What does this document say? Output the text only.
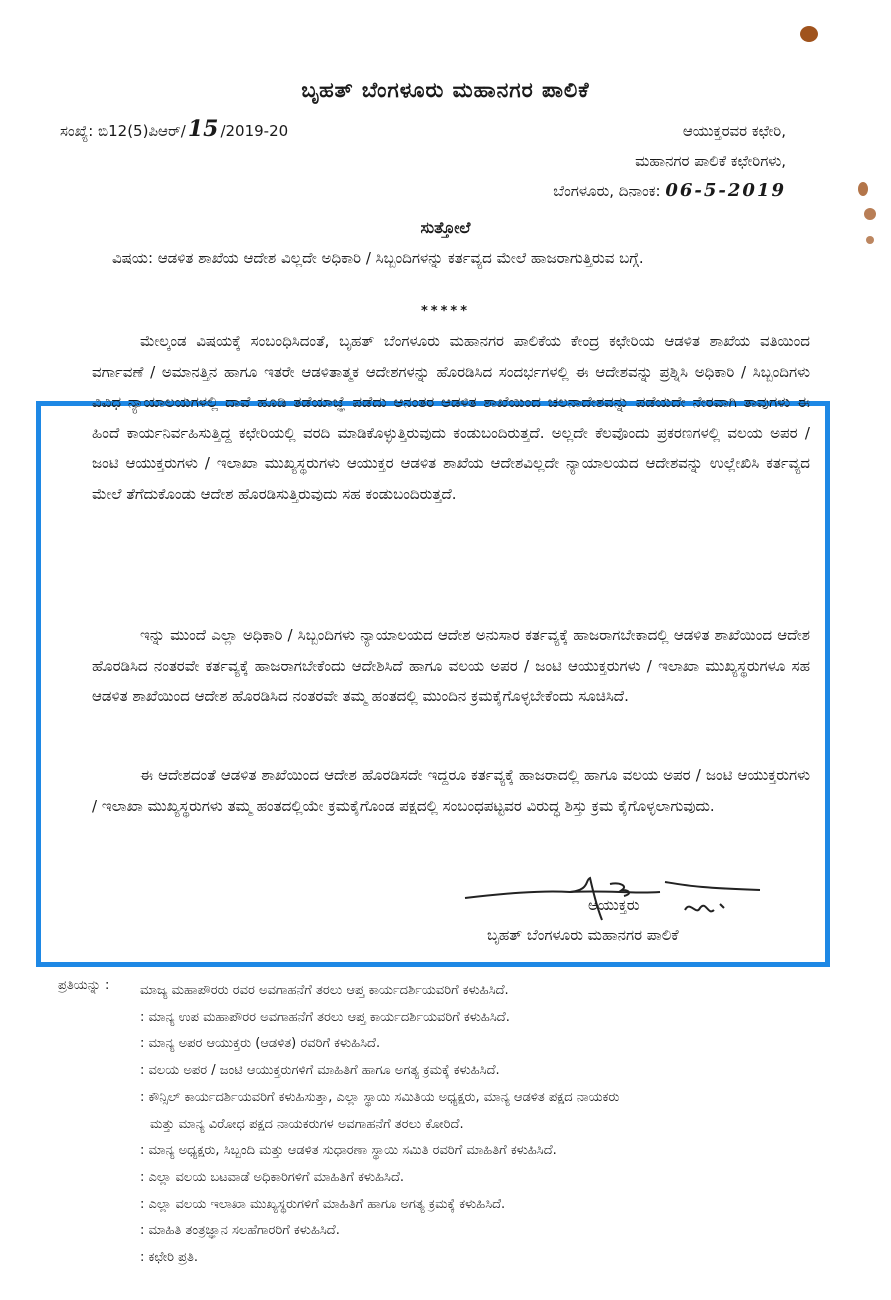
ಬೃಹತ್ ಬೆಂಗಳೂರು ಮಹಾನಗರ ಪಾಲಿಕೆ
ಸಂಖ್ಯೆ: ಬಿ12(5)ಪಿಆರ್/15 /2019-20	ಆಯುಕ್ತರವರ ಕಛೇರಿ,
ಮಹಾನಗರ ಪಾಲಿಕೆ ಕಛೇರಿಗಳು,
ಬೆಂಗಳೂರು, ದಿನಾಂಕ: 06-5-2019
ಸುತ್ತೋಲೆ
ವಿಷಯ: ಆಡಳಿತ ಶಾಖೆಯ ಆದೇಶ ವಿಲ್ಲದೇ ಅಧಿಕಾರಿ / ಸಿಬ್ಬಂದಿಗಳನ್ನು ಕರ್ತವ್ಯದ ಮೇಲೆ ಹಾಜರಾಗುತ್ತಿರುವ ಬಗ್ಗೆ.
*****
ಮೇಲ್ಕಂಡ ವಿಷಯಕ್ಕೆ ಸಂಬಂಧಿಸಿದಂತೆ, ಬೃಹತ್ ಬೆಂಗಳೂರು ಮಹಾನಗರ ಪಾಲಿಕೆಯ ಕೇಂದ್ರ ಕಛೇರಿಯ ಆಡಳಿತ ಶಾಖೆಯ ವತಿಯಿಂದ ವರ್ಗಾವಣೆ / ಅಮಾನತ್ತಿನ ಹಾಗೂ ಇತರೇ ಆಡಳಿತಾತ್ಮಕ ಆದೇಶಗಳನ್ನು ಹೊರಡಿಸಿದ ಸಂದರ್ಭಗಳಲ್ಲಿ ಈ ಆದೇಶವನ್ನು ಪ್ರಶ್ನಿಸಿ ಅಧಿಕಾರಿ / ಸಿಬ್ಬಂದಿಗಳು ವಿವಿಧ ನ್ಯಾಯಾಲಯಗಳಲ್ಲಿ ದಾವೆ ಹೂಡಿ ತಡೆಯಾಜ್ಞೆ ಪಡೆದು ಆನಂತರ ಆಡಳಿತ ಶಾಖೆಯಿಂದ ಚಲನಾದೇಶವನ್ನು ಪಡೆಯದೇ ನೇರವಾಗಿ ತಾವುಗಳು ಈ ಹಿಂದೆ ಕಾರ್ಯನಿರ್ವಹಿಸುತ್ತಿದ್ದ ಕಛೇರಿಯಲ್ಲಿ ವರದಿ ಮಾಡಿಕೊಳ್ಳುತ್ತಿರುವುದು ಕಂಡುಬಂದಿರುತ್ತದೆ. ಅಲ್ಲದೇ ಕೆಲವೊಂದು ಪ್ರಕರಣಗಳಲ್ಲಿ ವಲಯ ಅಪರ / ಜಂಟಿ ಆಯುಕ್ತರುಗಳು / ಇಲಾಖಾ ಮುಖ್ಯಸ್ಥರುಗಳು ಆಯುಕ್ತರ ಆಡಳಿತ ಶಾಖೆಯ ಆದೇಶವಿಲ್ಲದೇ ನ್ಯಾಯಾಲಯದ ಆದೇಶವನ್ನು ಉಲ್ಲೇಖಿಸಿ ಕರ್ತವ್ಯದ ಮೇಲೆ ತೆಗೆದುಕೊಂಡು ಆದೇಶ ಹೊರಡಿಸುತ್ತಿರುವುದು ಸಹ ಕಂಡುಬಂದಿರುತ್ತದೆ.
ಇನ್ನು ಮುಂದೆ ಎಲ್ಲಾ ಅಧಿಕಾರಿ / ಸಿಬ್ಬಂದಿಗಳು ನ್ಯಾಯಾಲಯದ ಆದೇಶ ಅನುಸಾರ ಕರ್ತವ್ಯಕ್ಕೆ ಹಾಜರಾಗಬೇಕಾದಲ್ಲಿ ಆಡಳಿತ ಶಾಖೆಯಿಂದ ಆದೇಶ ಹೊರಡಿಸಿದ ನಂತರವೇ ಕರ್ತವ್ಯಕ್ಕೆ ಹಾಜರಾಗಬೇಕೆಂದು ಆದೇಶಿಸಿದೆ ಹಾಗೂ ವಲಯ ಅಪರ / ಜಂಟಿ ಆಯುಕ್ತರುಗಳು / ಇಲಾಖಾ ಮುಖ್ಯಸ್ಥರುಗಳೂ ಸಹ ಆಡಳಿತ ಶಾಖೆಯಿಂದ ಆದೇಶ ಹೊರಡಿಸಿದ ನಂತರವೇ ತಮ್ಮ ಹಂತದಲ್ಲಿ ಮುಂದಿನ ಕ್ರಮಕೈಗೊಳ್ಳಬೇಕೆಂದು ಸೂಚಿಸಿದೆ.
ಈ ಆದೇಶದಂತೆ ಆಡಳಿತ ಶಾಖೆಯಿಂದ ಆದೇಶ ಹೊರಡಿಸದೇ ಇದ್ದರೂ ಕರ್ತವ್ಯಕ್ಕೆ ಹಾಜರಾದಲ್ಲಿ ಹಾಗೂ ವಲಯ ಅಪರ / ಜಂಟಿ ಆಯುಕ್ತರುಗಳು / ಇಲಾಖಾ ಮುಖ್ಯಸ್ಥರುಗಳು ತಮ್ಮ ಹಂತದಲ್ಲಿಯೇ ಕ್ರಮಕೈಗೊಂಡ ಪಕ್ಷದಲ್ಲಿ ಸಂಬಂಧಪಟ್ಟವರ ವಿರುದ್ಧ ಶಿಸ್ತು ಕ್ರಮ ಕೈಗೊಳ್ಳಲಾಗುವುದು.
ಆಯುಕ್ತರು
ಬೃಹತ್ ಬೆಂಗಳೂರು ಮಹಾನಗರ ಪಾಲಿಕೆ
ಪ್ರತಿಯನ್ನು : ಮಾಜ್ಯ ಮಹಾಪೌರರು ರವರ ಅವಗಾಹನೆಗೆ ತರಲು ಆಪ್ತ ಕಾರ್ಯದರ್ಶಿಯವರಿಗೆ ಕಳುಹಿಸಿದೆ.
: ಮಾನ್ಯ ಉಪ ಮಹಾಪೌರರ ಅವಗಾಹನೆಗೆ ತರಲು ಆಪ್ತ ಕಾರ್ಯದರ್ಶಿಯವರಿಗೆ ಕಳುಹಿಸಿದೆ.
: ಮಾನ್ಯ ಅಪರ ಆಯುಕ್ತರು (ಆಡಳಿತ) ರವರಿಗೆ ಕಳುಹಿಸಿದೆ.
: ವಲಯ ಅಪರ / ಜಂಟಿ ಆಯುಕ್ತರುಗಳಿಗೆ ಮಾಹಿತಿಗೆ ಹಾಗೂ ಅಗತ್ಯ ಕ್ರಮಕ್ಕೆ ಕಳುಹಿಸಿದೆ.
: ಕೌನ್ಸಿಲ್ ಕಾರ್ಯದರ್ಶಿಯವರಿಗೆ ಕಳುಹಿಸುತ್ತಾ, ಎಲ್ಲಾ ಸ್ಥಾಯಿ ಸಮಿತಿಯ ಅಧ್ಯಕ್ಷರು, ಮಾನ್ಯ ಆಡಳಿತ ಪಕ್ಷದ ನಾಯಕರು
ಮತ್ತು ಮಾನ್ಯ ವಿರೋಧ ಪಕ್ಷದ ನಾಯಕರುಗಳ ಅವಗಾಹನೆಗೆ ತರಲು ಕೋರಿದೆ.
: ಮಾನ್ಯ ಅಧ್ಯಕ್ಷರು, ಸಿಬ್ಬಂದಿ ಮತ್ತು ಆಡಳಿತ ಸುಧಾರಣಾ ಸ್ಥಾಯಿ ಸಮಿತಿ ರವರಿಗೆ ಮಾಹಿತಿಗೆ ಕಳುಹಿಸಿದೆ.
: ಎಲ್ಲಾ ವಲಯ ಬಟವಾಡೆ ಅಧಿಕಾರಿಗಳಿಗೆ ಮಾಹಿತಿಗೆ ಕಳುಹಿಸಿದೆ.
: ಎಲ್ಲಾ ವಲಯ ಇಲಾಖಾ ಮುಖ್ಯಸ್ಥರುಗಳಿಗೆ ಮಾಹಿತಿಗೆ ಹಾಗೂ ಅಗತ್ಯ ಕ್ರಮಕ್ಕೆ ಕಳುಹಿಸಿದೆ.
: ಮಾಹಿತಿ ತಂತ್ರಜ್ಞಾನ ಸಲಹೆಗಾರರಿಗೆ ಕಳುಹಿಸಿದೆ.
: ಕಛೇರಿ ಪ್ರತಿ.
